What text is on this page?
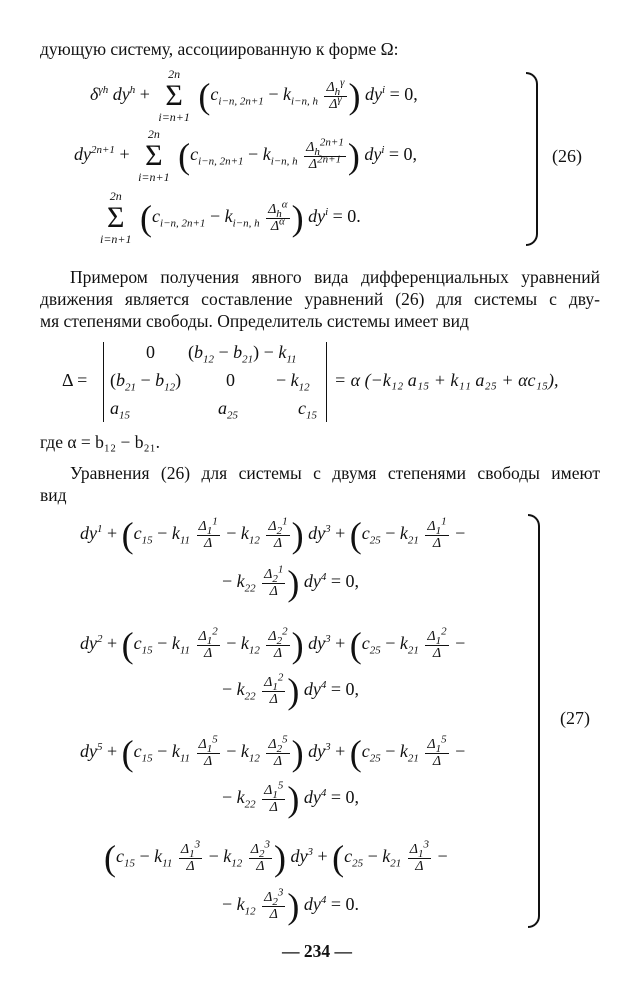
дующую систему, ассоциированную к форме Ω:
$\delta^{\gamma h}$ $dy^h + 2n$
Σ
i=n+1 ($c_{i-n, 2n+1} - k_{i-n, h} \frac{\Delta_h^\gamma}{\Delta^\gamma}$ ) $dy^i = 0$,
$dy^{2n+1} + 2n$
Σ
i=n+1 ($c_{i-n, 2n+1} - k_{i-n, h} \frac{\Delta_h^{2n+1}}{\Delta^{2n+1}}$ ) $dy^i = 0$,
2n
Σ
i=n+1 ($c_{i-n, 2n+1} - k_{i-n, h} \frac{\Delta_h^\alpha}{\Delta^\alpha}$ ) $dy^i = 0$.
(26)
Примером получения явного вида дифференциальных уравнений
движения является составление уравнений (26) для системы с дву-
мя степенями свободы. Определитель системы имеет вид
Δ =
0 $(b_{12} - b_{21}) - k_{11}$
$(b_{21} - b_{12}) 0 - k_{12}$
$a_{15}$	$a_{25}$	$c_{15}$
= α (−k₁₂ a₁₅ + k₁₁ a₂₅ + αc₁₅),
где α = b₁₂ − b₂₁.
Уравнения (26) для системы с двумя степенями свободы имеют
вид
$dy^1 + (c_{15} - k_{11} \frac{\Delta_1^1}{\Delta} - k_{12} \frac{\Delta_2^1}{\Delta}$ ) $dy^3 + (c_{25} - k_{21} \frac{\Delta_1^1}{\Delta}$ −
− $k_{22} \frac{\Delta_2^1}{\Delta}$ ) $dy^4 = 0$,
$dy^2 + (c_{15} - k_{11} \frac{\Delta_1^2}{\Delta} - k_{12} \frac{\Delta_2^2}{\Delta}$ ) $dy^3 + (c_{25} - k_{21} \frac{\Delta_1^2}{\Delta}$ −
− $k_{22} \frac{\Delta_1^2}{\Delta}$ ) $dy^4 = 0$,
$dy^5 + (c_{15} - k_{11} \frac{\Delta_1^5}{\Delta} - k_{12} \frac{\Delta_2^5}{\Delta}$ ) $dy^3 + (c_{25} - k_{21} \frac{\Delta_1^5}{\Delta}$ −
− $k_{22} \frac{\Delta_1^5}{\Delta}$ ) $dy^4 = 0$,
($c_{15} - k_{11} \frac{\Delta_1^3}{\Delta} - k_{12} \frac{\Delta_2^3}{\Delta}$ ) $dy^3 + (c_{25} - k_{21} \frac{\Delta_1^3}{\Delta}$ −
− $k_{12} \frac{\Delta_2^3}{\Delta}$ ) $dy^4 = 0$.
(27)
— 234 —
